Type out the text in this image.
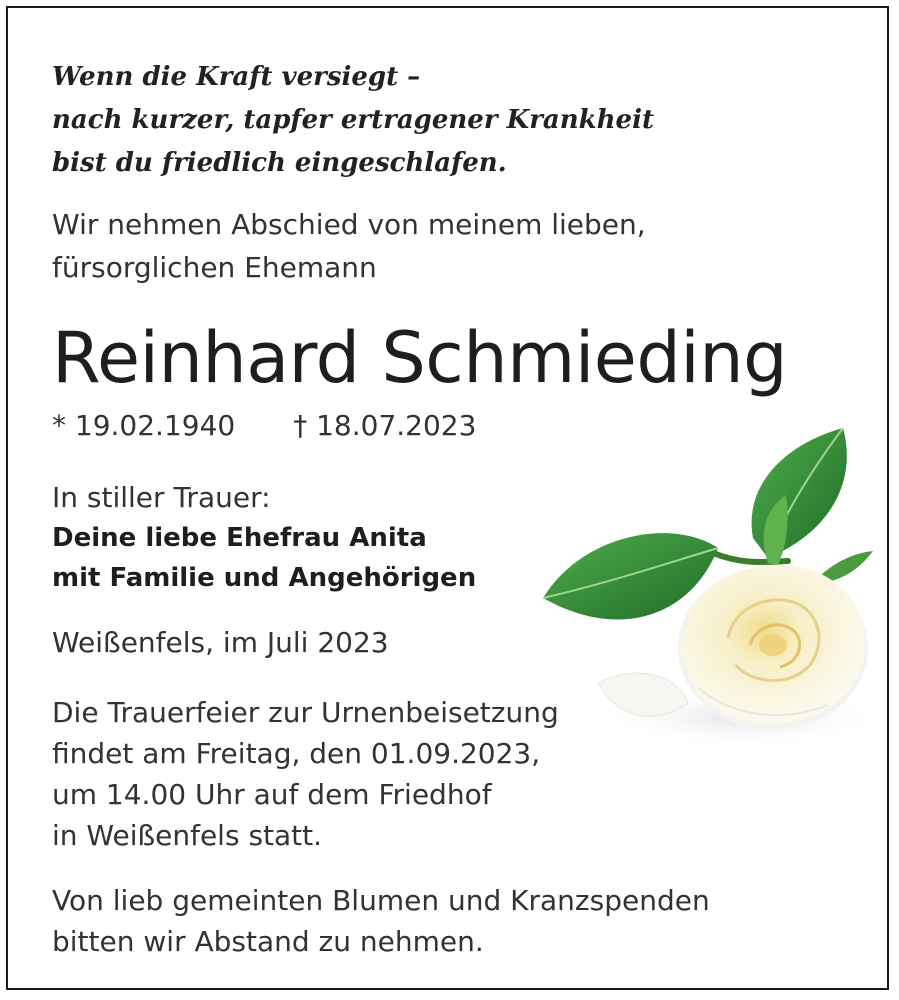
Wenn die Kraft versiegt –
nach kurzer, tapfer ertragener Krankheit
bist du friedlich eingeschlafen.
Wir nehmen Abschied von meinem lieben,
fürsorglichen Ehemann
Reinhard Schmieding
* 19.02.1940 † 18.07.2023
In stiller Trauer:
Deine liebe Ehefrau Anita
mit Familie und Angehörigen
Weißenfels, im Juli 2023
Die Trauerfeier zur Urnenbeisetzung
findet am Freitag, den 01.09.2023,
um 14.00 Uhr auf dem Friedhof
in Weißenfels statt.
Von lieb gemeinten Blumen und Kranzspenden
bitten wir Abstand zu nehmen.
